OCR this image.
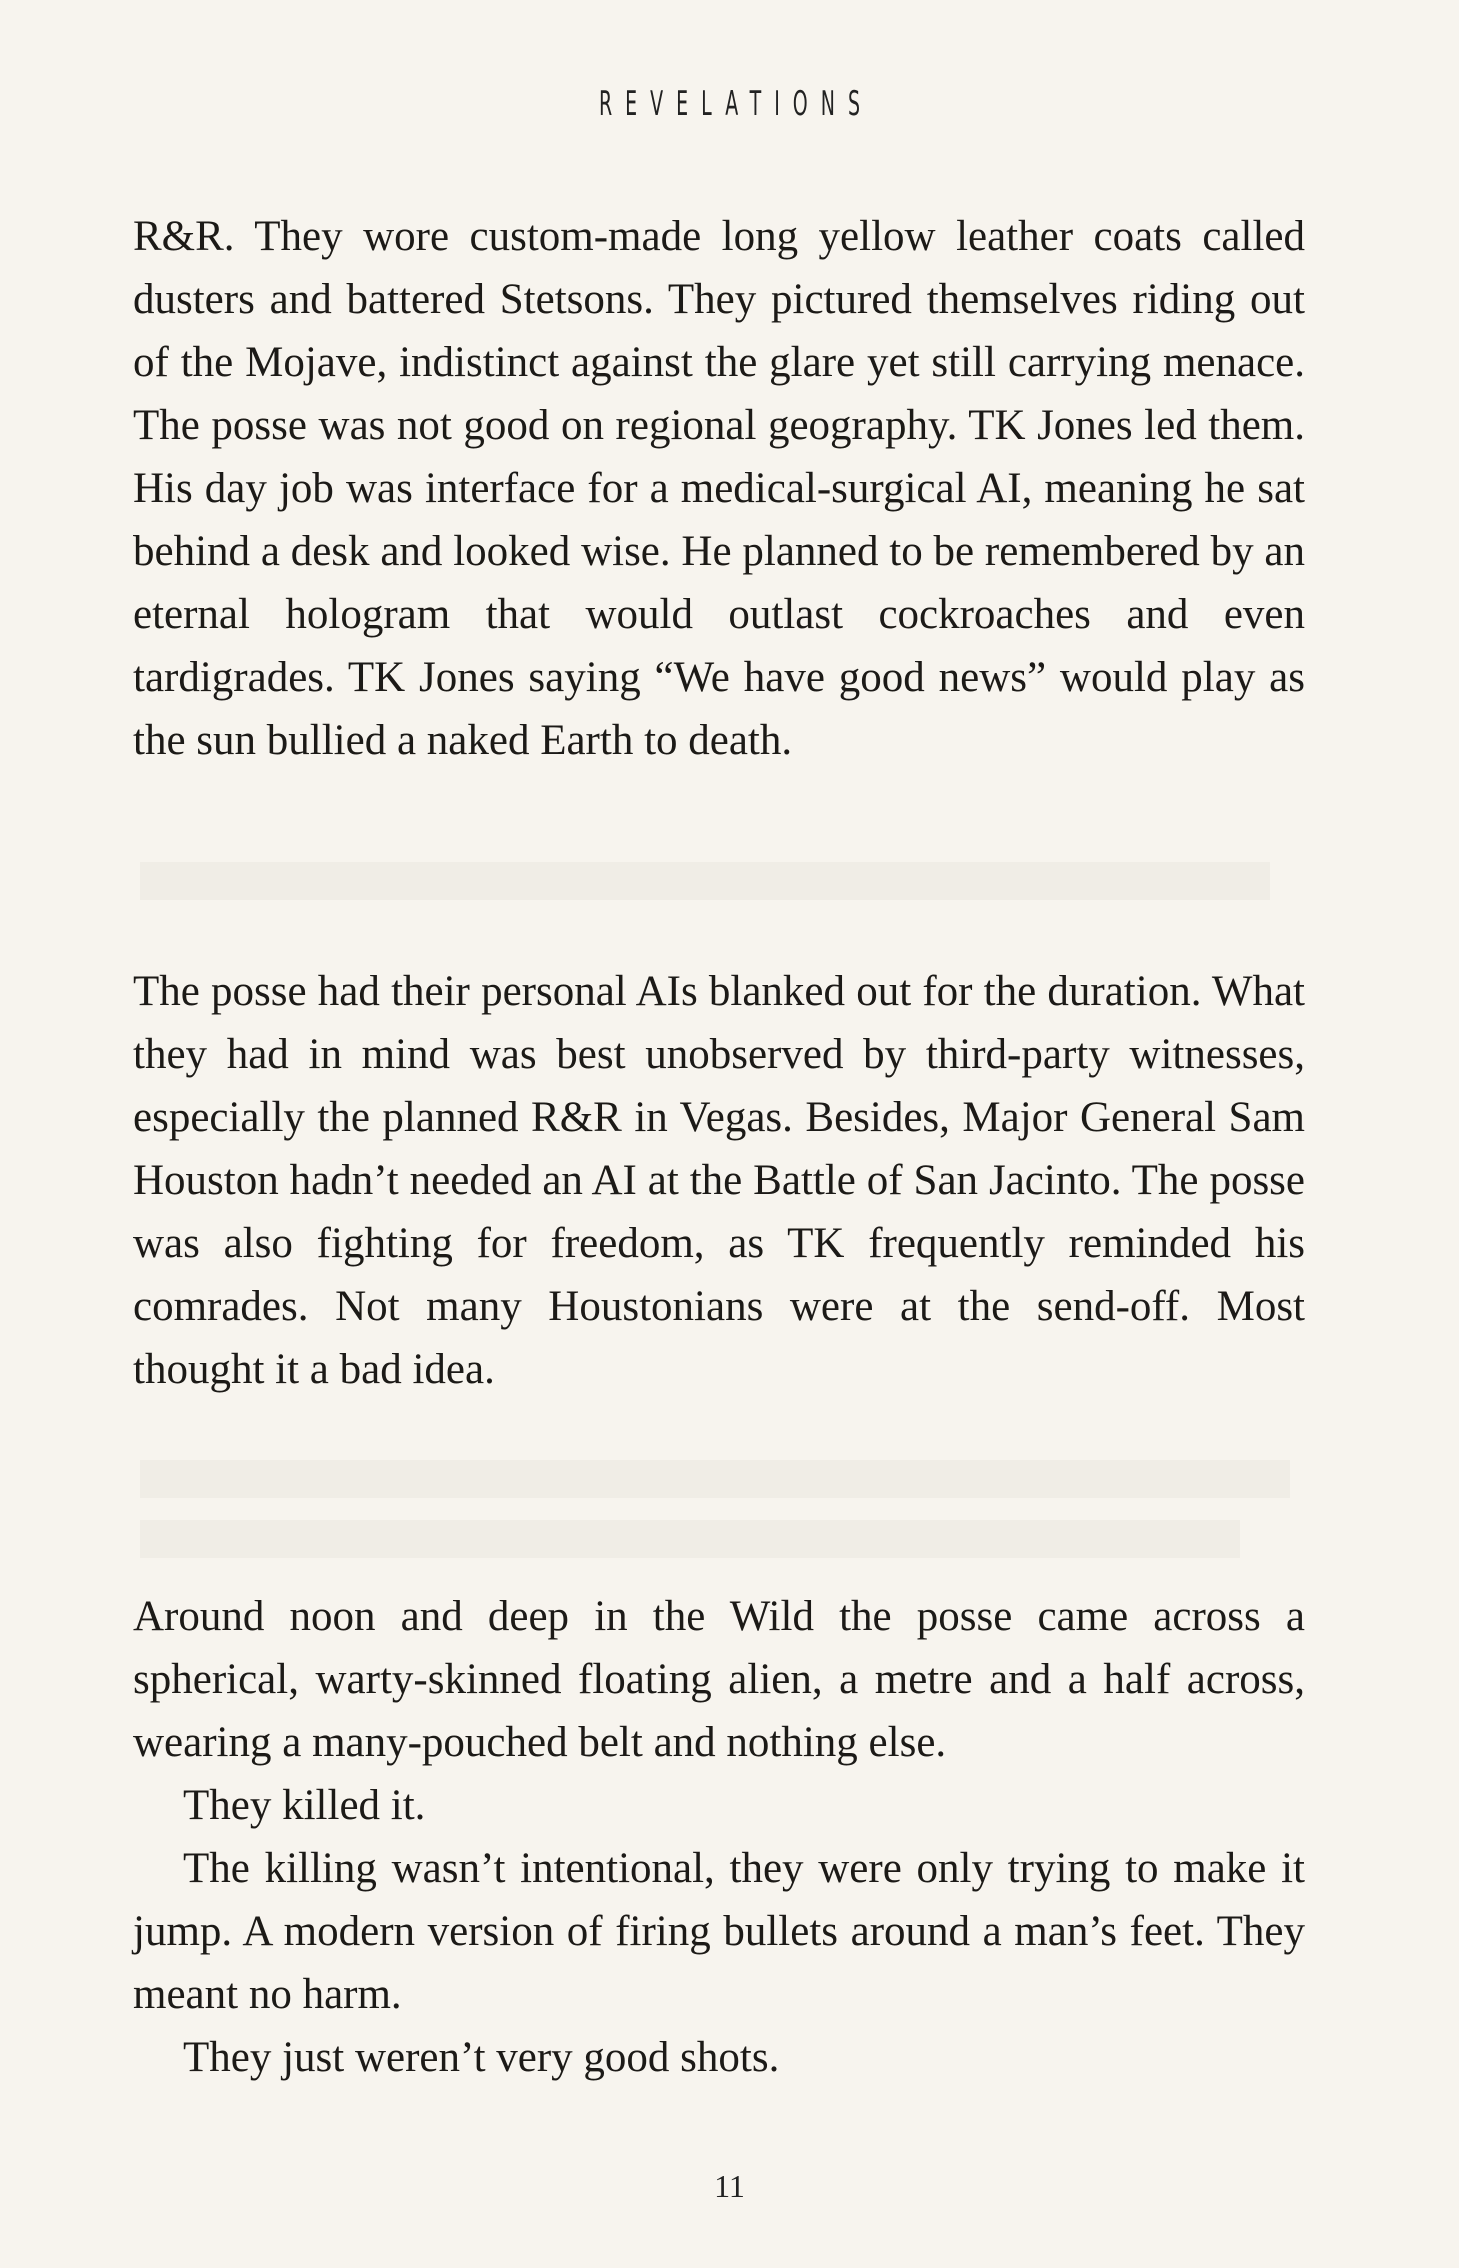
REVELATIONS

R&R. They wore custom-made long yellow leather coats called dusters and battered Stetsons. They pictured themselves riding out of the Mojave, indistinct against the glare yet still carrying menace. The posse was not good on regional geography. TK Jones led them. His day job was interface for a medical-surgical AI, meaning he sat behind a desk and looked wise. He planned to be remembered by an eternal hologram that would outlast cockroaches and even tardigrades. TK Jones saying “We have good news” would play as the sun bullied a naked Earth to death.

The posse had their personal AIs blanked out for the duration. What they had in mind was best unobserved by third-party witnesses, especially the planned R&R in Vegas. Besides, Major General Sam Houston hadn’t needed an AI at the Battle of San Jacinto. The posse was also fighting for freedom, as TK frequently reminded his comrades. Not many Houstonians were at the send-off. Most thought it a bad idea.

Around noon and deep in the Wild the posse came across a spherical, warty-skinned floating alien, a metre and a half across, wearing a many-pouched belt and nothing else.

They killed it.

The killing wasn’t intentional, they were only trying to make it jump. A modern version of firing bullets around a man’s feet. They meant no harm.

They just weren’t very good shots.

11
